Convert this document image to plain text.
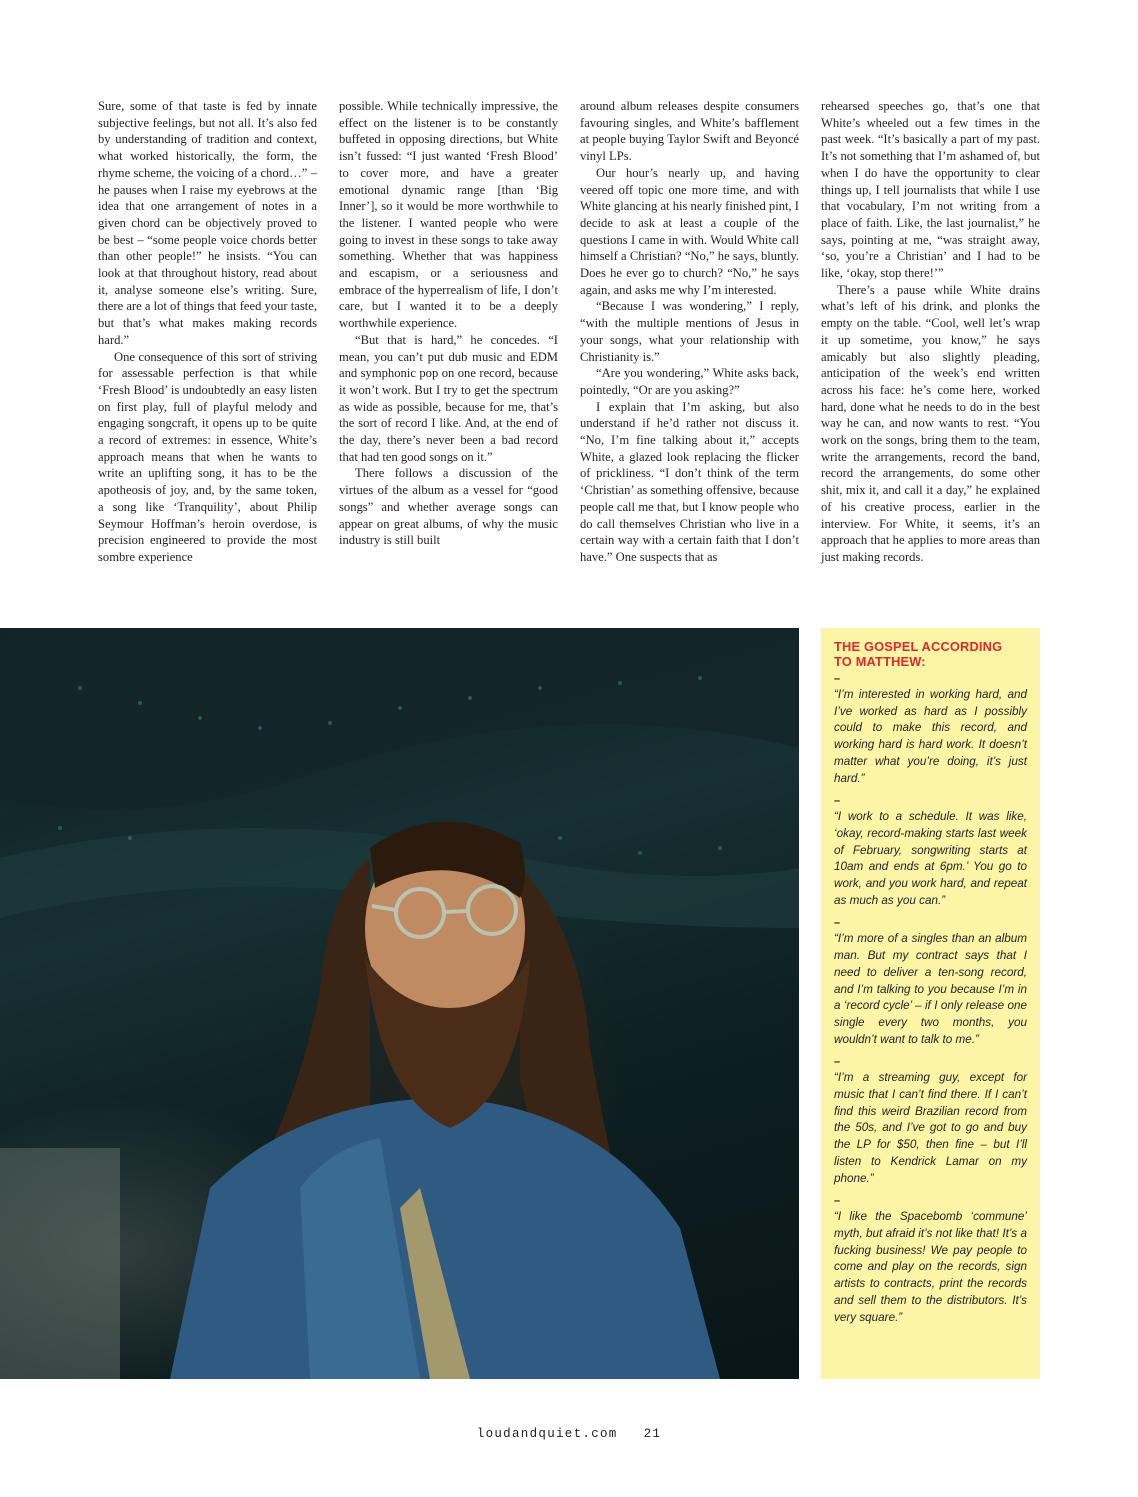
Sure, some of that taste is fed by innate subjective feelings, but not all. It’s also fed by understanding of tradition and context, what worked historically, the form, the rhyme scheme, the voicing of a chord…” – he pauses when I raise my eyebrows at the idea that one arrangement of notes in a given chord can be objectively proved to be best – “some people voice chords better than other people!” he insists. “You can look at that throughout history, read about it, analyse someone else’s writing. Sure, there are a lot of things that feed your taste, but that’s what makes making records hard.”

One consequence of this sort of striving for assessable perfection is that while ‘Fresh Blood’ is undoubtedly an easy listen on first play, full of playful melody and engaging songcraft, it opens up to be quite a record of extremes: in essence, White’s approach means that when he wants to write an uplifting song, it has to be the apotheosis of joy, and, by the same token, a song like ‘Tranquility’, about Philip Seymour Hoffman’s heroin overdose, is precision engineered to provide the most sombre experience

possible. While technically impressive, the effect on the listener is to be constantly buffeted in opposing directions, but White isn’t fussed: “I just wanted ‘Fresh Blood’ to cover more, and have a greater emotional dynamic range [than ‘Big Inner’], so it would be more worthwhile to the listener. I wanted people who were going to invest in these songs to take away something. Whether that was happiness and escapism, or a seriousness and embrace of the hyperrealism of life, I don’t care, but I wanted it to be a deeply worthwhile experience.

“But that is hard,” he concedes. “I mean, you can’t put dub music and EDM and symphonic pop on one record, because it won’t work. But I try to get the spectrum as wide as possible, because for me, that’s the sort of record I like. And, at the end of the day, there’s never been a bad record that had ten good songs on it.”

There follows a discussion of the virtues of the album as a vessel for “good songs” and whether average songs can appear on great albums, of why the music industry is still built

around album releases despite consumers favouring singles, and White’s bafflement at people buying Taylor Swift and Beyoncé vinyl LPs.

Our hour’s nearly up, and having veered off topic one more time, and with White glancing at his nearly finished pint, I decide to ask at least a couple of the questions I came in with. Would White call himself a Christian? “No,” he says, bluntly. Does he ever go to church? “No,” he says again, and asks me why I’m interested.

“Because I was wondering,” I reply, “with the multiple mentions of Jesus in your songs, what your relationship with Christianity is.”

“Are you wondering,” White asks back, pointedly, “Or are you asking?”

I explain that I’m asking, but also understand if he’d rather not discuss it. “No, I’m fine talking about it,” accepts White, a glazed look replacing the flicker of prickliness. “I don’t think of the term ‘Christian’ as something offensive, because people call me that, but I know people who do call themselves Christian who live in a certain way with a certain faith that I don’t have.” One suspects that as

rehearsed speeches go, that’s one that White’s wheeled out a few times in the past week. “It’s basically a part of my past. It’s not something that I’m ashamed of, but when I do have the opportunity to clear things up, I tell journalists that while I use that vocabulary, I’m not writing from a place of faith. Like, the last journalist,” he says, pointing at me, “was straight away, ‘so, you’re a Christian’ and I had to be like, ‘okay, stop there!’”

There’s a pause while White drains what’s left of his drink, and plonks the empty on the table. “Cool, well let’s wrap it up sometime, you know,” he says amicably but also slightly pleading, anticipation of the week’s end written across his face: he’s come here, worked hard, done what he needs to do in the best way he can, and now wants to rest. “You work on the songs, bring them to the team, write the arrangements, record the band, record the arrangements, do some other shit, mix it, and call it a day,” he explained of his creative process, earlier in the interview. For White, it seems, it’s an approach that he applies to more areas than just making records.

THE GOSPEL ACCORDING
TO MATTHEW:
–

“I’m interested in working hard, and I’ve worked as hard as I possibly could to make this record, and working hard is hard work. It doesn’t matter what you’re doing, it’s just hard.”

–

“I work to a schedule. It was like, ‘okay, record-making starts last week of February, songwriting starts at 10am and ends at 6pm.’ You go to work, and you work hard, and repeat as much as you can.”

–

“I’m more of a singles than an album man. But my contract says that I need to deliver a ten-song record, and I’m talking to you because I’m in a ‘record cycle’ – if I only release one single every two months, you wouldn’t want to talk to me.”

–

“I’m a streaming guy, except for music that I can’t find there. If I can’t find this weird Brazilian record from the 50s, and I’ve got to go and buy the LP for $50, then fine – but I’ll listen to Kendrick Lamar on my phone.”

–

“I like the Spacebomb ‘commune’ myth, but afraid it’s not like that! It’s a fucking business! We pay people to come and play on the records, sign artists to contracts, print the records and sell them to the distributors. It’s very square.”

loudandquiet.com 21
